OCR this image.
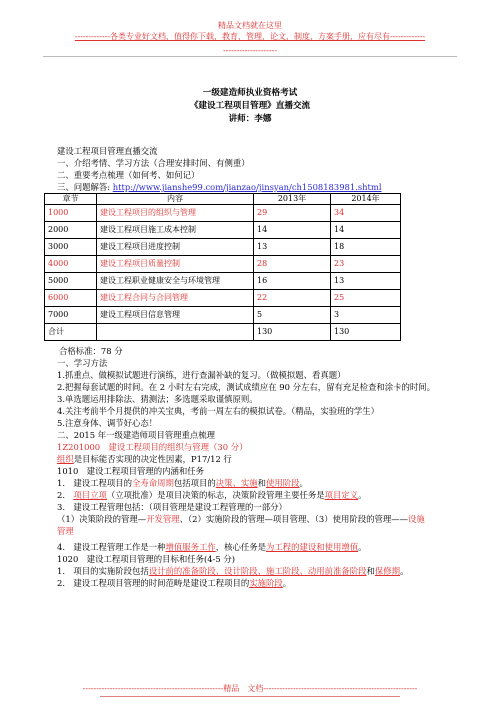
精品文档就在这里
-------------各类专业好文档，值得你下载，教育，管理，论文，制度，方案手册，应有尽有-------------
--------------------
一级建造师执业资格考试
《建设工程项目管理》直播交流
讲师：李娜
建设工程项目管理直播交流
一、介绍考情、学习方法（合理安排时间、有侧重）
二、重要考点梳理（如何考、如何记）
三、问题解答: http://www.jianshe99.com/jianzao/jinsyan/ch1508183981.shtml
章节	内容	2013年	2014年
1000	建设工程项目的组织与管理	29	34
2000	建设工程项目施工成本控制	14	14
3000	建设工程项目进度控制	13	18
4000	建设工程项目质量控制	28	23
5000	建设工程职业健康安全与环境管理	16	13
6000	建设工程合同与合同管理	22	25
7000	建设工程项目信息管理	5	3
合计		130	130
合格标准：78 分
一、学习方法
1.抓重点、做模拟试题进行演练，进行查漏补缺的复习。（做模拟题、看真题）
2.把握每套试题的时间。在 2 小时左右完成，测试成绩应在 90 分左右，留有充足检查和涂卡的时间。
3.单选题运用排除法、猜测法；多选题采取谨慎原则。
4.关注考前半个月提供的冲关宝典，考前一周左右的模拟试卷。（精品，实验班的学生）
5.注意身体、调节好心态！
二、2015 年一级建造师项目管理重点梳理
1Z201000　 建设工程项目的组织与管理（30 分）
组织是目标能否实现的决定性因素，P17/12 行
1010　建设工程项目管理的内涵和任务
1.　建设工程项目的全寿命周期包括项目的决策、实施和使用阶段。
2.　项目立项（立项批准）是项目决策的标志，决策阶段管理主要任务是项目定义。
3.　建设工程管理包括：（项目管理是建设工程管理的一部分）
（1）决策阶段的管理—开发管理、（2）实施阶段的管理—项目管理、（3）使用阶段的管理——设施
管理
4.　建设工程管理工作是一种增值服务工作，核心任务是为工程的建设和使用增值。
1020　建设工程项目管理的目标和任务(4-5 分)
1.　项目的实施阶段包括设计前的准备阶段、设计阶段、施工阶段、动用前准备阶段和保修期。
2.　建设工程项目管理的时间范畴是建设工程项目的实施阶段。
----------------------------------------------------精品　文档---------------------------------------------------------
